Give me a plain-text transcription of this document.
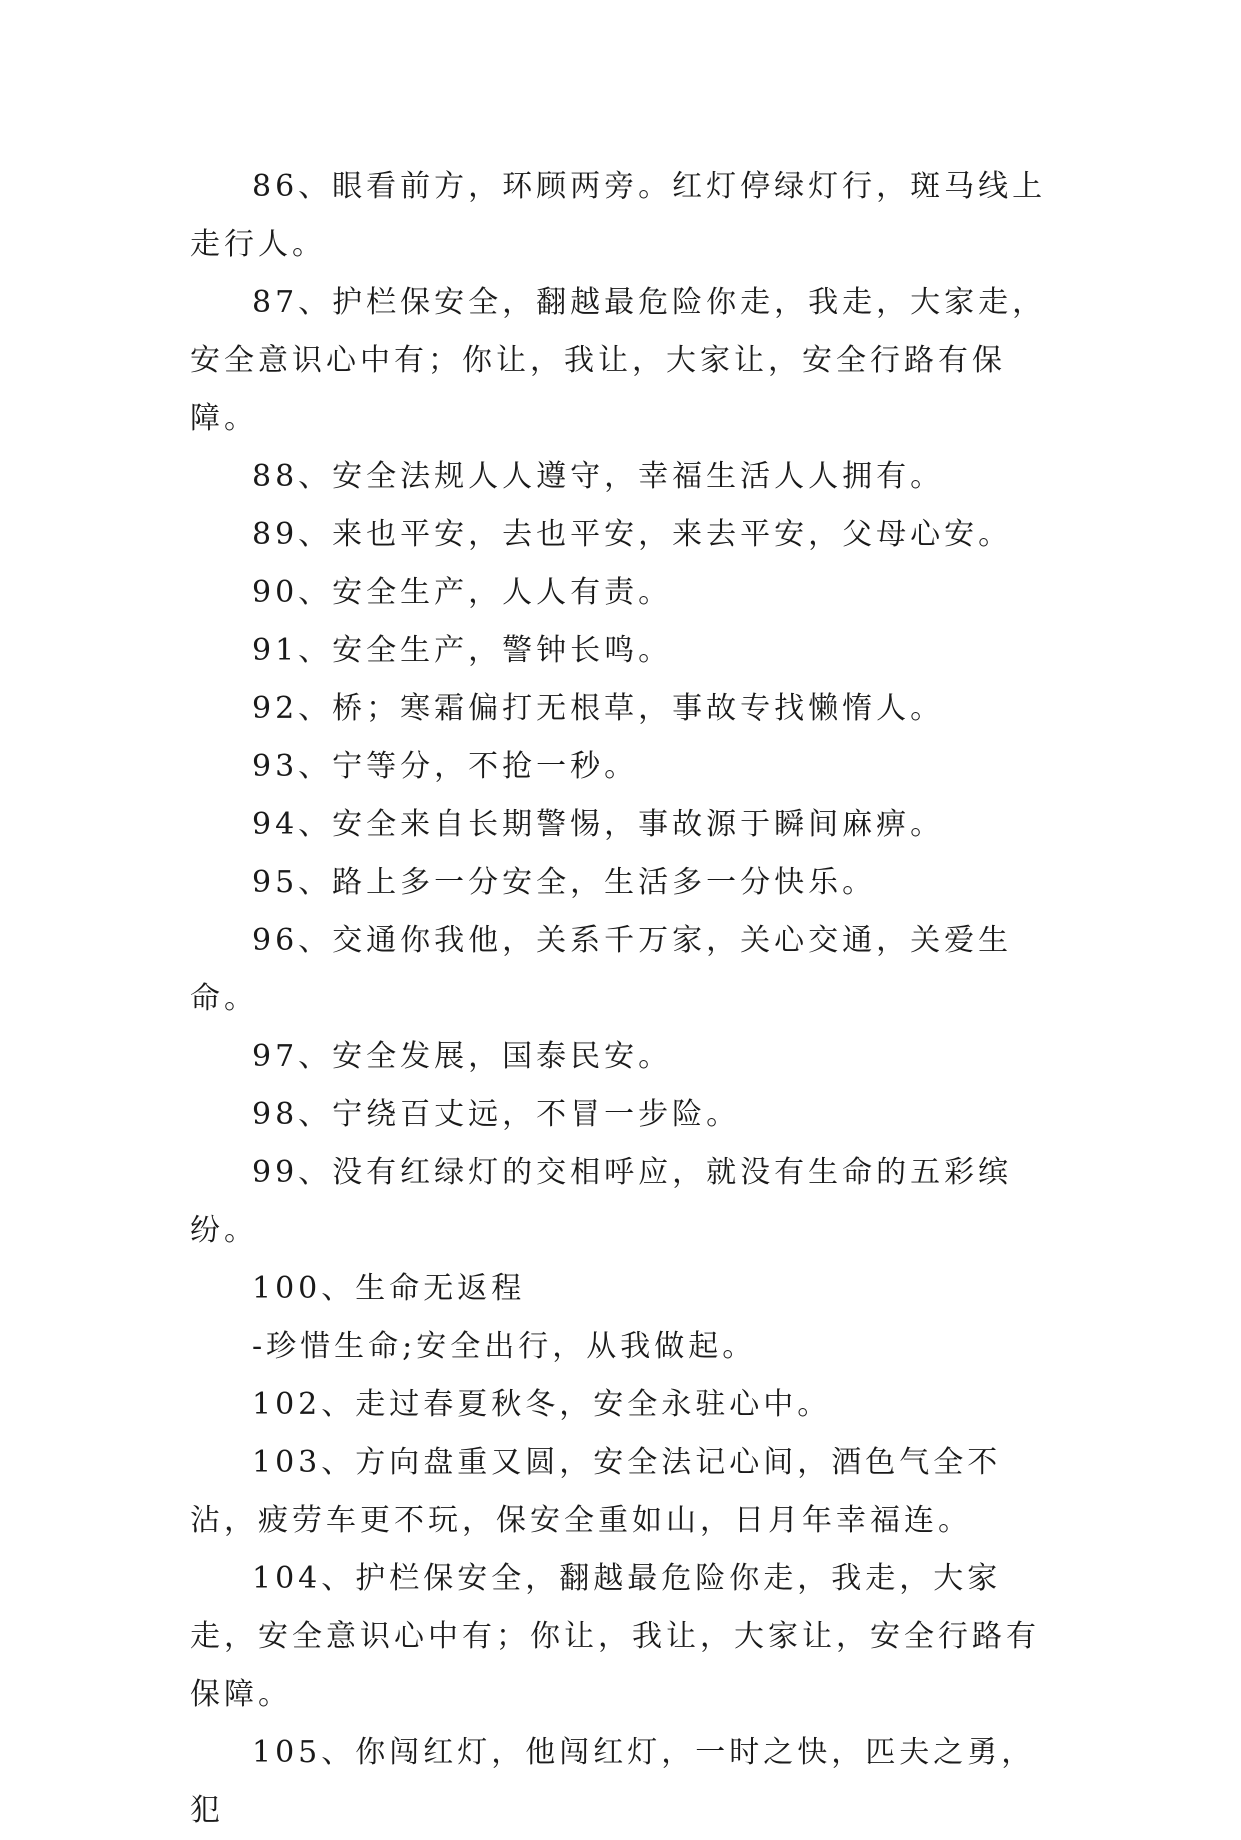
86、眼看前方，环顾两旁。红灯停绿灯行，斑马线上走行人。

87、护栏保安全，翻越最危险你走，我走，大家走，安全意识心中有；你让，我让，大家让，安全行路有保障。

88、安全法规人人遵守，幸福生活人人拥有。

89、来也平安，去也平安，来去平安，父母心安。

90、安全生产，人人有责。

91、安全生产，警钟长鸣。

92、桥；寒霜偏打无根草，事故专找懒惰人。

93、宁等分，不抢一秒。

94、安全来自长期警惕，事故源于瞬间麻痹。

95、路上多一分安全，生活多一分快乐。

96、交通你我他，关系千万家，关心交通，关爱生命。

97、安全发展，国泰民安。

98、宁绕百丈远，不冒一步险。

99、没有红绿灯的交相呼应，就没有生命的五彩缤纷。

100、生命无返程

-珍惜生命;安全出行，从我做起。

102、走过春夏秋冬，安全永驻心中。

103、方向盘重又圆，安全法记心间，酒色气全不沾，疲劳车更不玩，保安全重如山，日月年幸福连。

104、护栏保安全，翻越最危险你走，我走，大家走，安全意识心中有；你让，我让，大家让，安全行路有保障。

105、你闯红灯，他闯红灯，一时之快，匹夫之勇，犯
